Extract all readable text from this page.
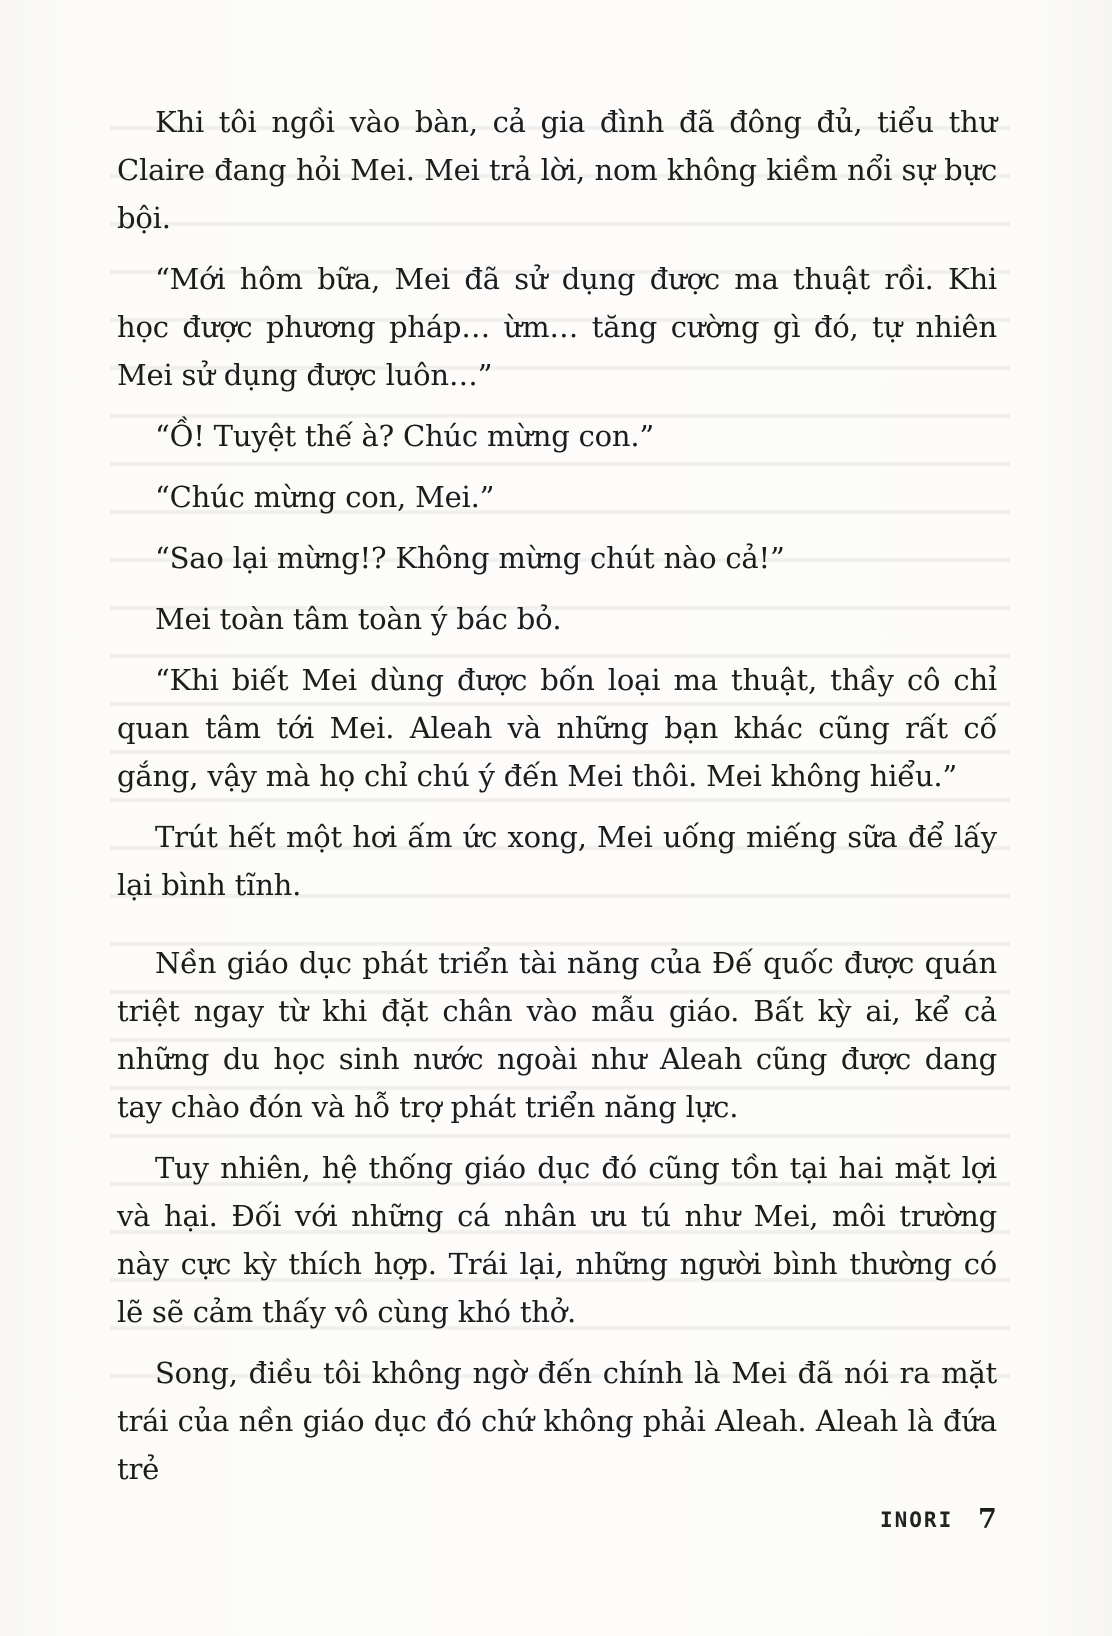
Khi tôi ngồi vào bàn, cả gia đình đã đông đủ, tiểu thư Claire đang hỏi Mei. Mei trả lời, nom không kiềm nổi sự bực bội.

“Mới hôm bữa, Mei đã sử dụng được ma thuật rồi. Khi học được phương pháp… ừm… tăng cường gì đó, tự nhiên Mei sử dụng được luôn…”

“Ồ! Tuyệt thế à? Chúc mừng con.”

“Chúc mừng con, Mei.”

“Sao lại mừng!? Không mừng chút nào cả!”

Mei toàn tâm toàn ý bác bỏ.

“Khi biết Mei dùng được bốn loại ma thuật, thầy cô chỉ quan tâm tới Mei. Aleah và những bạn khác cũng rất cố gắng, vậy mà họ chỉ chú ý đến Mei thôi. Mei không hiểu.”

Trút hết một hơi ấm ức xong, Mei uống miếng sữa để lấy lại bình tĩnh.

Nền giáo dục phát triển tài năng của Đế quốc được quán triệt ngay từ khi đặt chân vào mẫu giáo. Bất kỳ ai, kể cả những du học sinh nước ngoài như Aleah cũng được dang tay chào đón và hỗ trợ phát triển năng lực.

Tuy nhiên, hệ thống giáo dục đó cũng tồn tại hai mặt lợi và hại. Đối với những cá nhân ưu tú như Mei, môi trường này cực kỳ thích hợp. Trái lại, những người bình thường có lẽ sẽ cảm thấy vô cùng khó thở.

Song, điều tôi không ngờ đến chính là Mei đã nói ra mặt trái của nền giáo dục đó chứ không phải Aleah. Aleah là đứa trẻ

INORI 7
